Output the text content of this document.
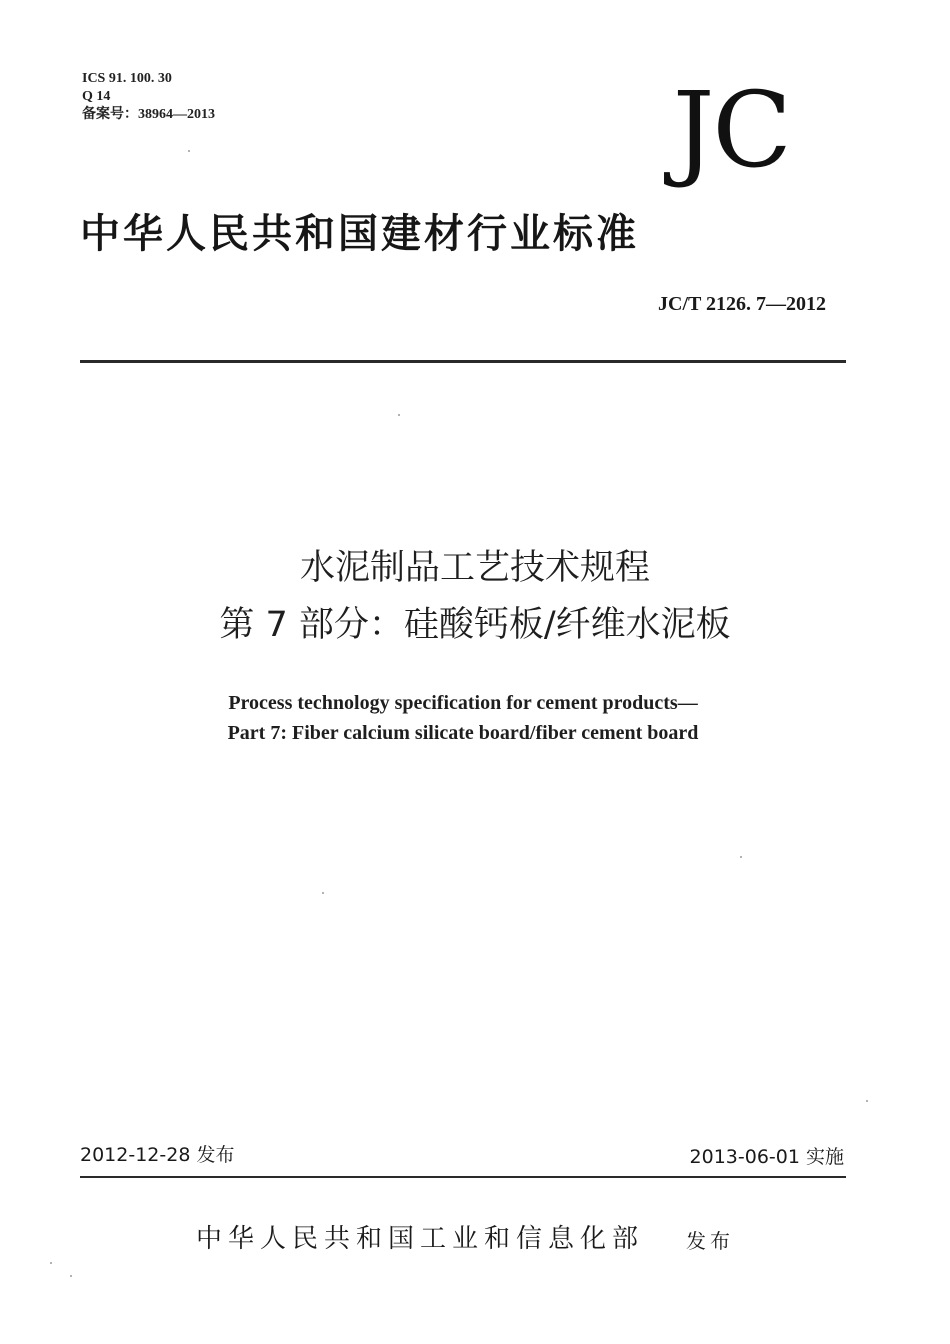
ICS 91. 100. 30
Q 14
备案号：38964—2013	JC
中华人民共和国建材行业标准
JC/T 2126. 7—2012
水泥制品工艺技术规程
第 7 部分：硅酸钙板/纤维水泥板
Process technology specification for cement products—
Part 7: Fiber calcium silicate board/fiber cement board
2012-12-28 发布	2013-06-01 实施
中华人民共和国工业和信息化部 发布
